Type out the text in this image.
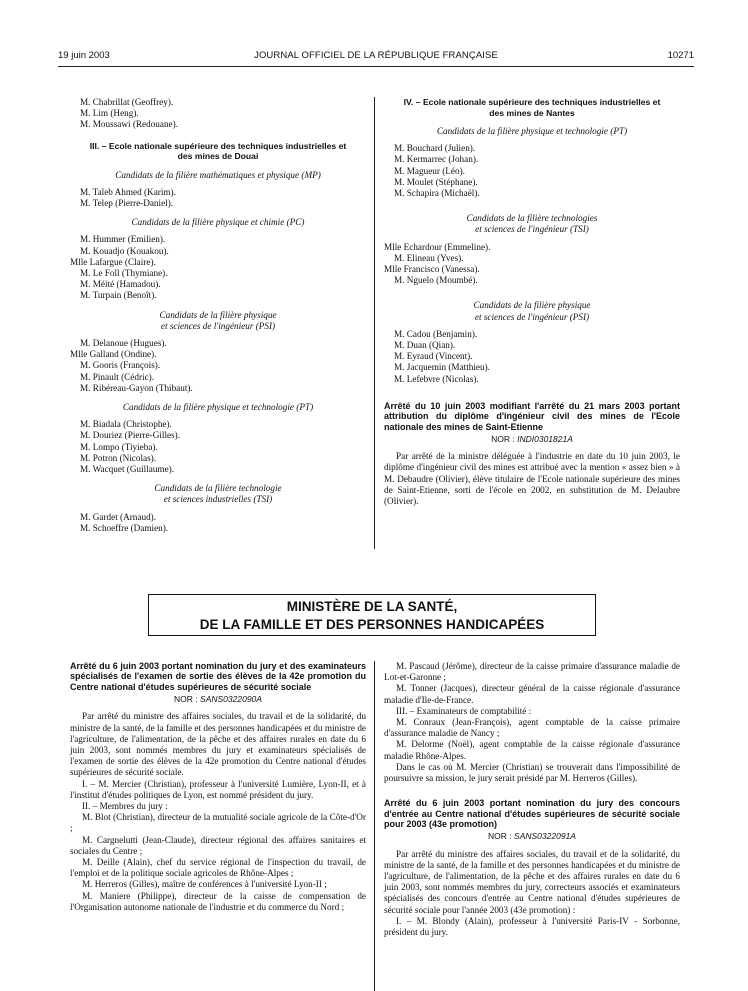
19 juin 2003	JOURNAL OFFICIEL DE LA RÉPUBLIQUE FRANÇAISE	10271
M. Chabrillat (Geoffrey).
M. Lim (Heng).
M. Moussawi (Redouane).
III. – Ecole nationale supérieure des techniques industrielles et des mines de Douai
Candidats de la filière mathématiques et physique (MP)
M. Taleb Ahmed (Karim).
M. Telep (Pierre-Daniel).
Candidats de la filière physique et chimie (PC)
M. Hummer (Emilien).
M. Kouadjo (Kouakou).
Mlle Lafargue (Claire).
M. Le Foll (Thymiane).
M. Méité (Hamadou).
M. Turpain (Benoît).
Candidats de la filière physique
et sciences de l'ingénieur (PSI)
M. Delanoue (Hugues).
Mlle Galland (Ondine).
M. Gooris (François).
M. Pinault (Cédric).
M. Ribéreau-Gayon (Thibaut).
Candidats de la filière physique et technologie (PT)
M. Biadala (Christophe).
M. Douriez (Pierre-Gilles).
M. Lompo (Tiyieba).
M. Potron (Nicolas).
M. Wacquet (Guillaume).
Candidats de la filière technologie
et sciences industrielles (TSI)
M. Gardet (Arnaud).
M. Schoeffre (Damien).
IV. – Ecole nationale supérieure des techniques industrielles et des mines de Nantes
Candidats de la filière physique et technologie (PT)
M. Bouchard (Julien).
M. Kermarrec (Johan).
M. Magueur (Léo).
M. Moulet (Stéphane).
M. Schapira (Michaël).
Candidats de la filière technologies
et sciences de l'ingénieur (TSI)
Mlle Echardour (Emmeline).
M. Elineau (Yves).
Mlle Francisco (Vanessa).
M. Nguelo (Moumbé).
Candidats de la filière physique
et sciences de l'ingénieur (PSI)
M. Cadou (Benjamin).
M. Duan (Qian).
M. Eyraud (Vincent).
M. Jacquemin (Matthieu).
M. Lefebvre (Nicolas).
Arrêté du 10 juin 2003 modifiant l'arrêté du 21 mars 2003 portant attribution du diplôme d'ingénieur civil des mines de l'Ecole nationale des mines de Saint-Etienne
NOR : INDI0301821A

Par arrêté de la ministre déléguée à l'industrie en date du 10 juin 2003, le diplôme d'ingénieur civil des mines est attribué avec la mention « assez bien » à M. Debaudre (Olivier), élève titulaire de l'Ecole nationale supérieure des mines de Saint-Etienne, sorti de l'école en 2002, en substitution de M. Delaubre (Olivier).

MINISTÈRE DE LA SANTÉ,
DE LA FAMILLE ET DES PERSONNES HANDICAPÉES
Arrêté du 6 juin 2003 portant nomination du jury et des examinateurs spécialisés de l'examen de sortie des élèves de la 42e promotion du Centre national d'études supérieures de sécurité sociale
NOR : SANS0322090A

Par arrêté du ministre des affaires sociales, du travail et de la solidarité, du ministre de la santé, de la famille et des personnes handicapées et du ministre de l'agriculture, de l'alimentation, de la pêche et des affaires rurales en date du 6 juin 2003, sont nommés membres du jury et examinateurs spécialisés de l'examen de sortie des élèves de la 42e promotion du Centre national d'études supérieures de sécurité sociale.

I. – M. Mercier (Christian), professeur à l'université Lumière, Lyon-II, et à l'institut d'études politiques de Lyon, est nommé président du jury.

II. – Membres du jury :

M. Blot (Christian), directeur de la mutualité sociale agricole de la Côte-d'Or ;

M. Cargnelutti (Jean-Claude), directeur régional des affaires sanitaires et sociales du Centre ;

M. Deille (Alain), chef du service régional de l'inspection du travail, de l'emploi et de la politique sociale agricoles de Rhône-Alpes ;

M. Herreros (Gilles), maître de conférences à l'université Lyon-II ;

M. Maniere (Philippe), directeur de la caisse de compensation de l'Organisation autonome nationale de l'industrie et du commerce du Nord ;

M. Pascaud (Jérôme), directeur de la caisse primaire d'assurance maladie de Lot-et-Garonne ;

M. Tonner (Jacques), directeur général de la caisse régionale d'assurance maladie d'Ile-de-France.

III. – Examinateurs de comptabilité :

M. Conraux (Jean-François), agent comptable de la caisse primaire d'assurance maladie de Nancy ;

M. Delorme (Noël), agent comptable de la caisse régionale d'assurance maladie Rhône-Alpes.

Dans le cas où M. Mercier (Christian) se trouverait dans l'impossibilité de poursuivre sa mission, le jury serait présidé par M. Herreros (Gilles).

Arrêté du 6 juin 2003 portant nomination du jury des concours d'entrée au Centre national d'études supérieures de sécurité sociale pour 2003 (43e promotion)
NOR : SANS0322091A

Par arrêté du ministre des affaires sociales, du travail et de la solidarité, du ministre de la santé, de la famille et des personnes handicapées et du ministre de l'agriculture, de l'alimentation, de la pêche et des affaires rurales en date du 6 juin 2003, sont nommés membres du jury, correcteurs associés et examinateurs spécialisés des concours d'entrée au Centre national d'études supérieures de sécurité sociale pour l'année 2003 (43e promotion) :

I. – M. Blondy (Alain), professeur à l'université Paris-IV - Sorbonne, président du jury.
